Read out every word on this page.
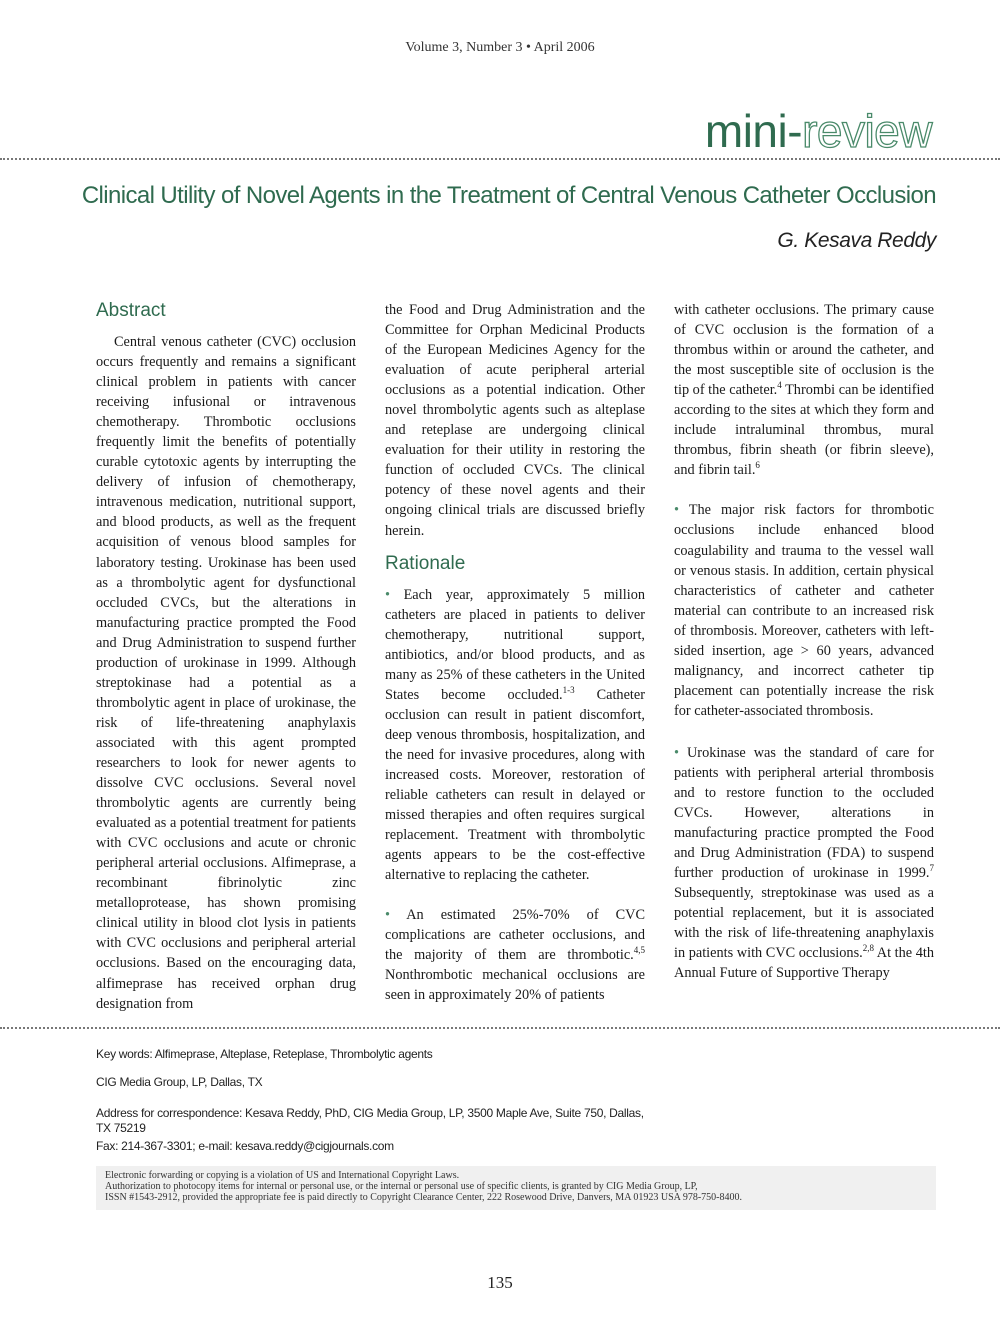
Volume 3, Number 3 • April 2006
mini-review
Clinical Utility of Novel Agents in the Treatment of Central Venous Catheter Occlusion
G. Kesava Reddy
Abstract

Central venous catheter (CVC) occlusion occurs frequently and remains a significant clinical problem in patients with cancer receiving infusional or intravenous chemotherapy. Thrombotic occlusions frequently limit the benefits of potentially curable cytotoxic agents by interrupting the delivery of infusion of chemotherapy, intravenous medication, nutritional support, and blood products, as well as the frequent acquisition of venous blood samples for laboratory testing. Urokinase has been used as a thrombolytic agent for dysfunctional occluded CVCs, but the alterations in manufacturing practice prompted the Food and Drug Administration to suspend further production of urokinase in 1999. Although streptokinase had a potential as a thrombolytic agent in place of urokinase, the risk of life-threatening anaphylaxis associated with this agent prompted researchers to look for newer agents to dissolve CVC occlusions. Several novel thrombolytic agents are currently being evaluated as a potential treatment for patients with CVC occlusions and acute or chronic peripheral arterial occlusions. Alfimeprase, a recombinant fibrinolytic zinc metalloprotease, has shown promising clinical utility in blood clot lysis in patients with CVC occlusions and peripheral arterial occlusions. Based on the encouraging data, alfimeprase has received orphan drug designation from

the Food and Drug Administration and the Committee for Orphan Medicinal Products of the European Medicines Agency for the evaluation of acute peripheral arterial occlusions as a potential indication. Other novel thrombolytic agents such as alteplase and reteplase are undergoing clinical evaluation for their utility in restoring the function of occluded CVCs. The clinical potency of these novel agents and their ongoing clinical trials are discussed briefly herein.

Rationale

• Each year, approximately 5 million catheters are placed in patients to deliver chemotherapy, nutritional support, antibiotics, and/or blood products, and as many as 25% of these catheters in the United States become occluded.$^{1-3}$ Catheter occlusion can result in patient discomfort, deep venous thrombosis, hospitalization, and the need for invasive procedures, along with increased costs. Moreover, restoration of reliable catheters can result in delayed or missed therapies and often requires surgical replacement. Treatment with thrombolytic agents appears to be the cost-effective alternative to replacing the catheter.

• An estimated 25%-70% of CVC complications are catheter occlusions, and the majority of them are thrombotic.$^{4,5}$ Nonthrombotic mechanical occlusions are seen in approximately 20% of patients

with catheter occlusions. The primary cause of CVC occlusion is the formation of a thrombus within or around the catheter, and the most susceptible site of occlusion is the tip of the catheter.$^4$ Thrombi can be identified according to the sites at which they form and include intraluminal thrombus, mural thrombus, fibrin sheath (or fibrin sleeve), and fibrin tail.$^6$

• The major risk factors for thrombotic occlusions include enhanced blood coagulability and trauma to the vessel wall or venous stasis. In addition, certain physical characteristics of catheter and catheter material can contribute to an increased risk of thrombosis. Moreover, catheters with left-sided insertion, age > 60 years, advanced malignancy, and incorrect catheter tip placement can potentially increase the risk for catheter-associated thrombosis.

• Urokinase was the standard of care for patients with peripheral arterial thrombosis and to restore function to the occluded CVCs. However, alterations in manufacturing practice prompted the Food and Drug Administration (FDA) to suspend further production of urokinase in 1999.$^7$ Subsequently, streptokinase was used as a potential replacement, but it is associated with the risk of life-threatening anaphylaxis in patients with CVC occlusions.$^{2,8}$ At the 4th Annual Future of Supportive Therapy

Key words: Alfimeprase, Alteplase, Reteplase, Thrombolytic agents
CIG Media Group, LP, Dallas, TX
Address for correspondence: Kesava Reddy, PhD, CIG Media Group, LP, 3500 Maple Ave, Suite 750, Dallas, TX 75219
Fax: 214-367-3301; e-mail: kesava.reddy@cigjournals.com
Electronic forwarding or copying is a violation of US and International Copyright Laws.
Authorization to photocopy items for internal or personal use, or the internal or personal use of specific clients, is granted by CIG Media Group, LP,
ISSN #1543-2912, provided the appropriate fee is paid directly to Copyright Clearance Center, 222 Rosewood Drive, Danvers, MA 01923 USA 978-750-8400.
135
